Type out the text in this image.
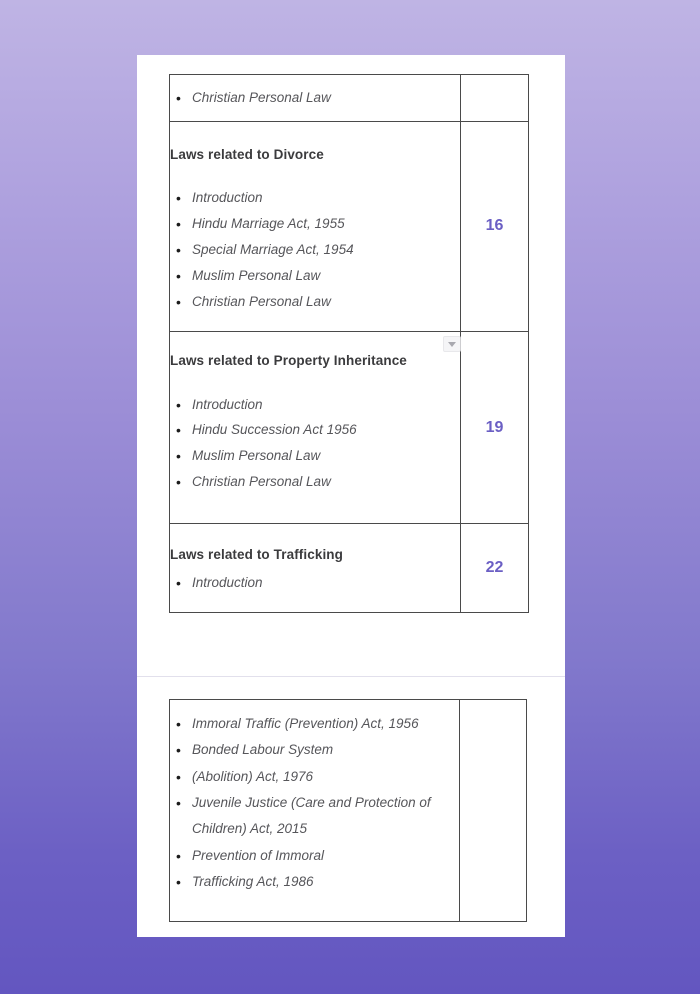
• Christian Personal Law

Laws related to Divorce
• Introduction
• Hindu Marriage Act, 1955
• Special Marriage Act, 1954
• Muslim Personal Law
• Christian Personal Law
	16

Laws related to Property Inheritance
• Introduction
• Hindu Succession Act 1956
• Muslim Personal Law
• Christian Personal Law
	19

Laws related to Trafficking
• Introduction
	22
• Immoral Traffic (Prevention) Act, 1956
• Bonded Labour System
• (Abolition) Act, 1976
• Juvenile Justice (Care and Protection of Children) Act, 2015
• Prevention of Immoral
• Trafficking Act, 1986
